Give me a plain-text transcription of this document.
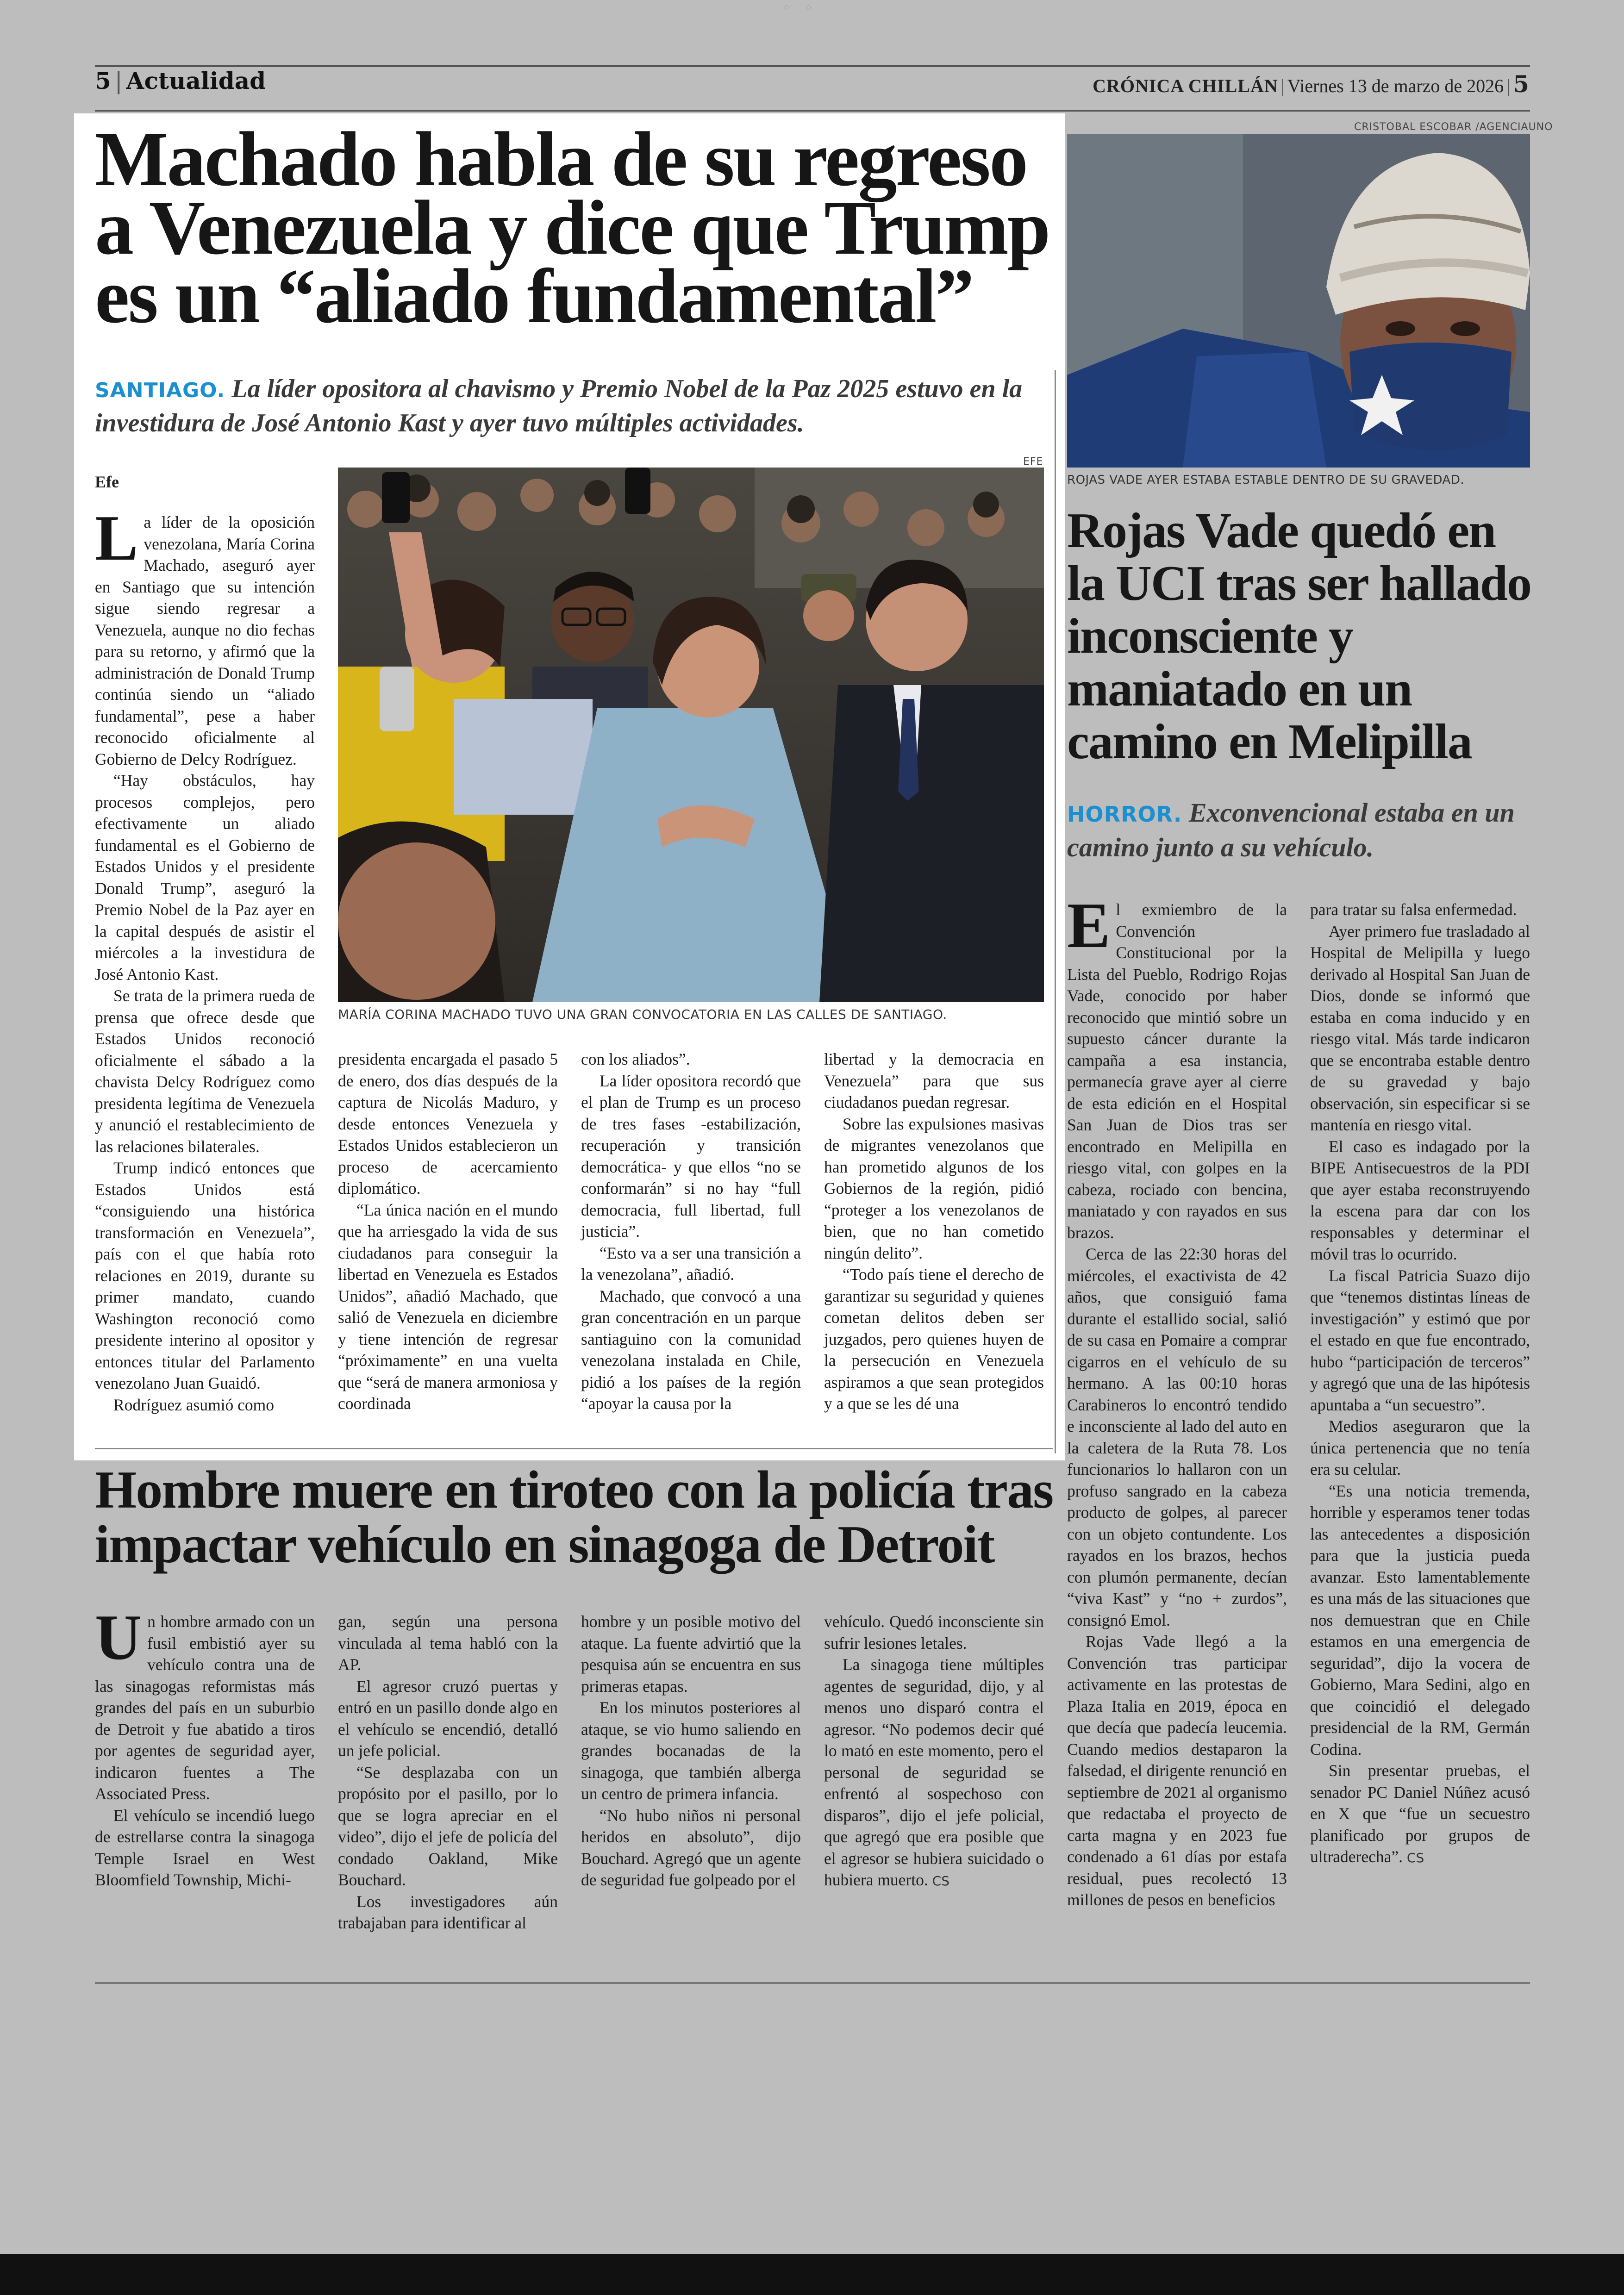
◦◦
5 | Actualidad	CRÓNICA CHILLÁN | Viernes 13 de marzo de 2026 | 5
Machado habla de su regreso a Venezuela y dice que Trump es un “aliado fundamental”
SANTIAGO. La líder opositora al chavismo y Premio Nobel de la Paz 2025 estuvo en la investidura de José Antonio Kast y ayer tuvo múltiples actividades.
Efe

La líder de la oposición venezolana, María Corina Machado, aseguró ayer en Santiago que su intención sigue siendo regresar a Venezuela, aunque no dio fechas para su retorno, y afirmó que la administración de Donald Trump continúa siendo un “aliado fundamental”, pese a haber reconocido oficialmente al Gobierno de Delcy Rodríguez.

“Hay obstáculos, hay procesos complejos, pero efectivamente un aliado fundamental es el Gobierno de Estados Unidos y el presidente Donald Trump”, aseguró la Premio Nobel de la Paz ayer en la capital después de asistir el miércoles a la investidura de José Antonio Kast.

Se trata de la primera rueda de prensa que ofrece desde que Estados Unidos reconoció oficialmente el sábado a la chavista Delcy Rodríguez como presidenta legítima de Venezuela y anunció el restablecimiento de las relaciones bilaterales.

Trump indicó entonces que Estados Unidos está “consiguiendo una histórica transformación en Venezuela”, país con el que había roto relaciones en 2019, durante su primer mandato, cuando Washington reconoció como presidente interino al opositor y entonces titular del Parlamento venezolano Juan Guaidó.

Rodríguez asumió como

EFE
MARÍA CORINA MACHADO TUVO UNA GRAN CONVOCATORIA EN LAS CALLES DE SANTIAGO.

presidenta encargada el pasado 5 de enero, dos días después de la captura de Nicolás Maduro, y desde entonces Venezuela y Estados Unidos establecieron un proceso de acercamiento diplomático.

“La única nación en el mundo que ha arriesgado la vida de sus ciudadanos para conseguir la libertad en Venezuela es Estados Unidos”, añadió Machado, que salió de Venezuela en diciembre y tiene intención de regresar “próximamente” en una vuelta que “será de manera armoniosa y coordinada

con los aliados”.

La líder opositora recordó que el plan de Trump es un proceso de tres fases -estabilización, recuperación y transición democrática- y que ellos “no se conformarán” si no hay “full democracia, full libertad, full justicia”.

“Esto va a ser una transición a la venezolana”, añadió.

Machado, que convocó a una gran concentración en un parque santiaguino con la comunidad venezolana instalada en Chile, pidió a los países de la región “apoyar la causa por la

libertad y la democracia en Venezuela” para que sus ciudadanos puedan regresar.

Sobre las expulsiones masivas de migrantes venezolanos que han prometido algunos de los Gobiernos de la región, pidió “proteger a los venezolanos de bien, que no han cometido ningún delito”.

“Todo país tiene el derecho de garantizar su seguridad y quienes cometan delitos deben ser juzgados, pero quienes huyen de la persecución en Venezuela aspiramos a que sean protegidos y a que se les dé una

CRISTOBAL ESCOBAR /AGENCIAUNO
ROJAS VADE AYER ESTABA ESTABLE DENTRO DE SU GRAVEDAD.
Rojas Vade quedó en la UCI tras ser hallado inconsciente y maniatado en un camino en Melipilla
HORROR. Exconvencional estaba en un camino junto a su vehículo.

El exmiembro de la Convención Constitucional por la Lista del Pueblo, Rodrigo Rojas Vade, conocido por haber reconocido que mintió sobre un supuesto cáncer durante la campaña a esa instancia, permanecía grave ayer al cierre de esta edición en el Hospital San Juan de Dios tras ser encontrado en Melipilla en riesgo vital, con golpes en la cabeza, rociado con bencina, maniatado y con rayados en sus brazos.

Cerca de las 22:30 horas del miércoles, el exactivista de 42 años, que consiguió fama durante el estallido social, salió de su casa en Pomaire a comprar cigarros en el vehículo de su hermano. A las 00:10 horas Carabineros lo encontró tendido e inconsciente al lado del auto en la caletera de la Ruta 78. Los funcionarios lo hallaron con un profuso sangrado en la cabeza producto de golpes, al parecer con un objeto contundente. Los rayados en los brazos, hechos con plumón permanente, decían “viva Kast” y “no + zurdos”, consignó Emol.

Rojas Vade llegó a la Convención tras participar activamente en las protestas de Plaza Italia en 2019, época en que decía que padecía leucemia. Cuando medios destaparon la falsedad, el dirigente renunció en septiembre de 2021 al organismo que redactaba el proyecto de carta magna y en 2023 fue condenado a 61 días por estafa residual, pues recolectó 13 millones de pesos en beneficios

para tratar su falsa enfermedad.

Ayer primero fue trasladado al Hospital de Melipilla y luego derivado al Hospital San Juan de Dios, donde se informó que estaba en coma inducido y en riesgo vital. Más tarde indicaron que se encontraba estable dentro de su gravedad y bajo observación, sin especificar si se mantenía en riesgo vital.

El caso es indagado por la BIPE Antisecuestros de la PDI que ayer estaba reconstruyendo la escena para dar con los responsables y determinar el móvil tras lo ocurrido.

La fiscal Patricia Suazo dijo que “tenemos distintas líneas de investigación” y estimó que por el estado en que fue encontrado, hubo “participación de terceros” y agregó que una de las hipótesis apuntaba a “un secuestro”.

Medios aseguraron que la única pertenencia que no tenía era su celular.

“Es una noticia tremenda, horrible y esperamos tener todas las antecedentes a disposición para que la justicia pueda avanzar. Esto lamentablemente es una más de las situaciones que nos demuestran que en Chile estamos en una emergencia de seguridad”, dijo la vocera de Gobierno, Mara Sedini, algo en que coincidió el delegado presidencial de la RM, Germán Codina.

Sin presentar pruebas, el senador PC Daniel Núñez acusó en X que “fue un secuestro planificado por grupos de ultraderecha”. CS

Hombre muere en tiroteo con la policía tras impactar vehículo en sinagoga de Detroit

Un hombre armado con un fusil embistió ayer su vehículo contra una de las sinagogas reformistas más grandes del país en un suburbio de Detroit y fue abatido a tiros por agentes de seguridad ayer, indicaron fuentes a The Associated Press.

El vehículo se incendió luego de estrellarse contra la sinagoga Temple Israel en West Bloomfield Township, Michi-

gan, según una persona vinculada al tema habló con la AP.

El agresor cruzó puertas y entró en un pasillo donde algo en el vehículo se encendió, detalló un jefe policial.

“Se desplazaba con un propósito por el pasillo, por lo que se logra apreciar en el video”, dijo el jefe de policía del condado Oakland, Mike Bouchard.

Los investigadores aún trabajaban para identificar al

hombre y un posible motivo del ataque. La fuente advirtió que la pesquisa aún se encuentra en sus primeras etapas.

En los minutos posteriores al ataque, se vio humo saliendo en grandes bocanadas de la sinagoga, que también alberga un centro de primera infancia.

“No hubo niños ni personal heridos en absoluto”, dijo Bouchard. Agregó que un agente de seguridad fue golpeado por el

vehículo. Quedó inconsciente sin sufrir lesiones letales.

La sinagoga tiene múltiples agentes de seguridad, dijo, y al menos uno disparó contra el agresor. “No podemos decir qué lo mató en este momento, pero el personal de seguridad se enfrentó al sospechoso con disparos”, dijo el jefe policial, que agregó que era posible que el agresor se hubiera suicidado o hubiera muerto. CS
